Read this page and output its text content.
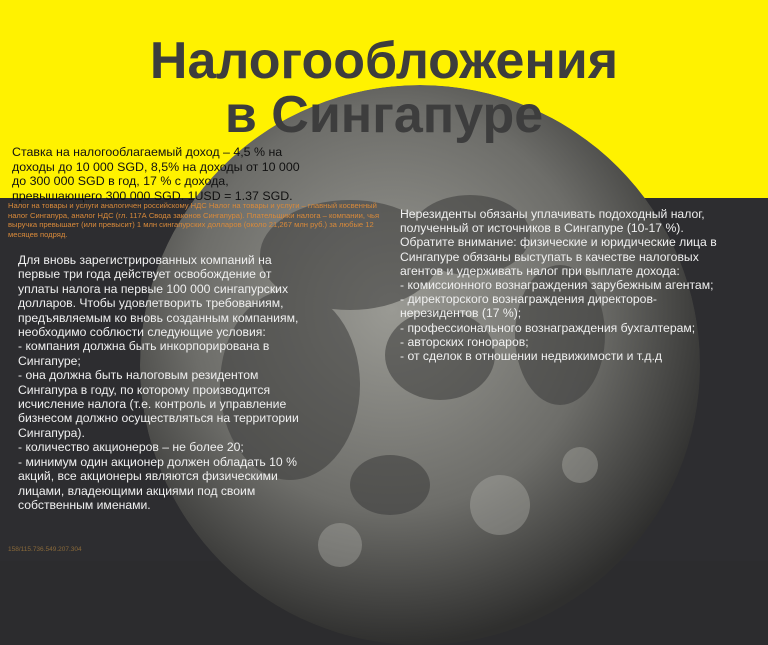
Налогообложения
в Сингапуре
Ставка на налогооблагаемый доход – 4,5 % на доходы до 10 000 SGD, 8,5% на доходы от 10 000 до 300 000 SGD в год, 17 % с дохода, превышающего 300 000 SGD. 1USD = 1.37 SGD.
Налог на товары и услуги аналогичен российскому НДС Налог на товары и услуги – главный косвенный налог Сингапура, аналог НДС (гл. 117А Свода законов Сингапура). Плательщики налога – компании, чья выручка превышает (или превысит) 1 млн сингапурских долларов (около 21,267 млн руб.) за любые 12 месяцев подряд.
Для вновь зарегистрированных компаний на первые три года действует освобождение от уплаты налога на первые 100 000 сингапурских долларов. Чтобы удовлетворить требованиям, предъявляемым ко вновь созданным компаниям, необходимо соблюсти следующие условия:
- компания должна быть инкорпорирована в Сингапуре;
- она должна быть налоговым резидентом Сингапура в году, по которому производится исчисление налога (т.е. контроль и управление бизнесом должно осуществляться на территории Сингапура).
- количество акционеров – не более 20;
- минимум один акционер должен обладать 10 % акций, все акционеры являются физическими лицами, владеющими акциями под своим собственным именами.
Нерезиденты обязаны уплачивать подоходный налог, полученный от источников в Сингапуре (10-17 %).
Обратите внимание: физические и юридические лица в Сингапуре обязаны выступать в качестве налоговых агентов и удерживать налог при выплате дохода:
- комиссионного вознаграждения зарубежным агентам;
- директорского вознаграждения директоров-нерезидентов (17 %);
- профессионального вознаграждения бухгалтерам;
- авторских гонораров;
- от сделок в отношении недвижимости и т.д.д
158/115.736.549.207.304
